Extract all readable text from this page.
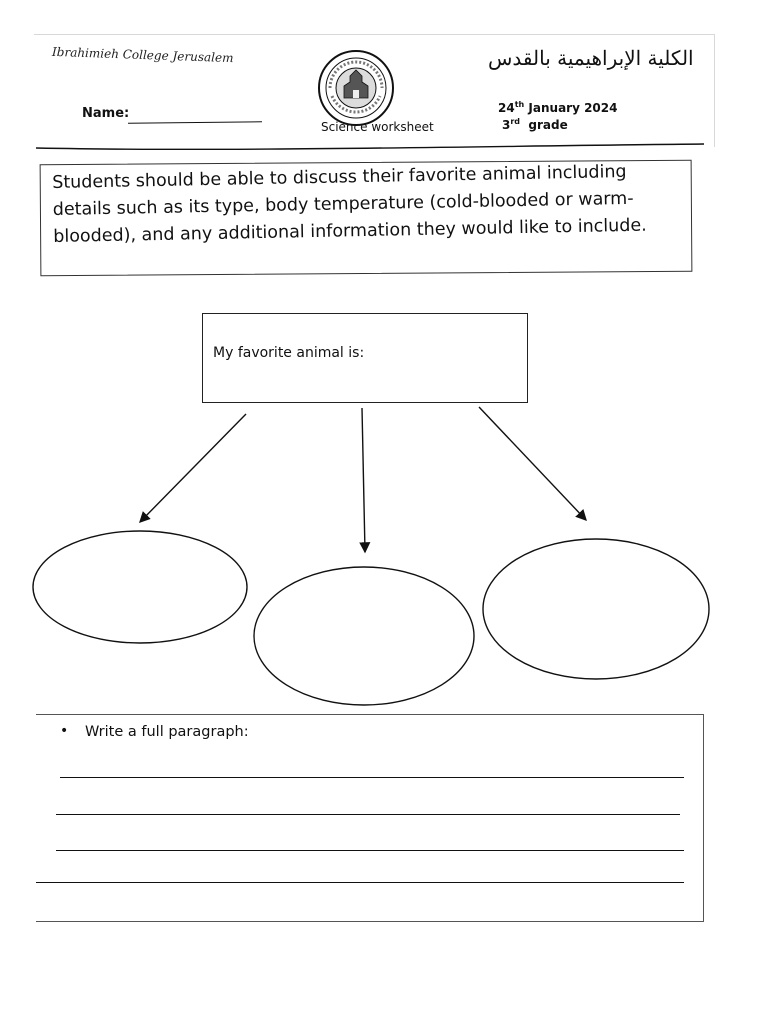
Ibrahimieh College Jerusalem
Name:
Science worksheet
الكلية الإبراهيمية بالقدس
24th January 2024
3rd grade
Students should be able to discuss their favorite animal including details such as its type, body temperature (cold-blooded or warm-blooded), and any additional information they would like to include.
My favorite animal is:
• Write a full paragraph:
